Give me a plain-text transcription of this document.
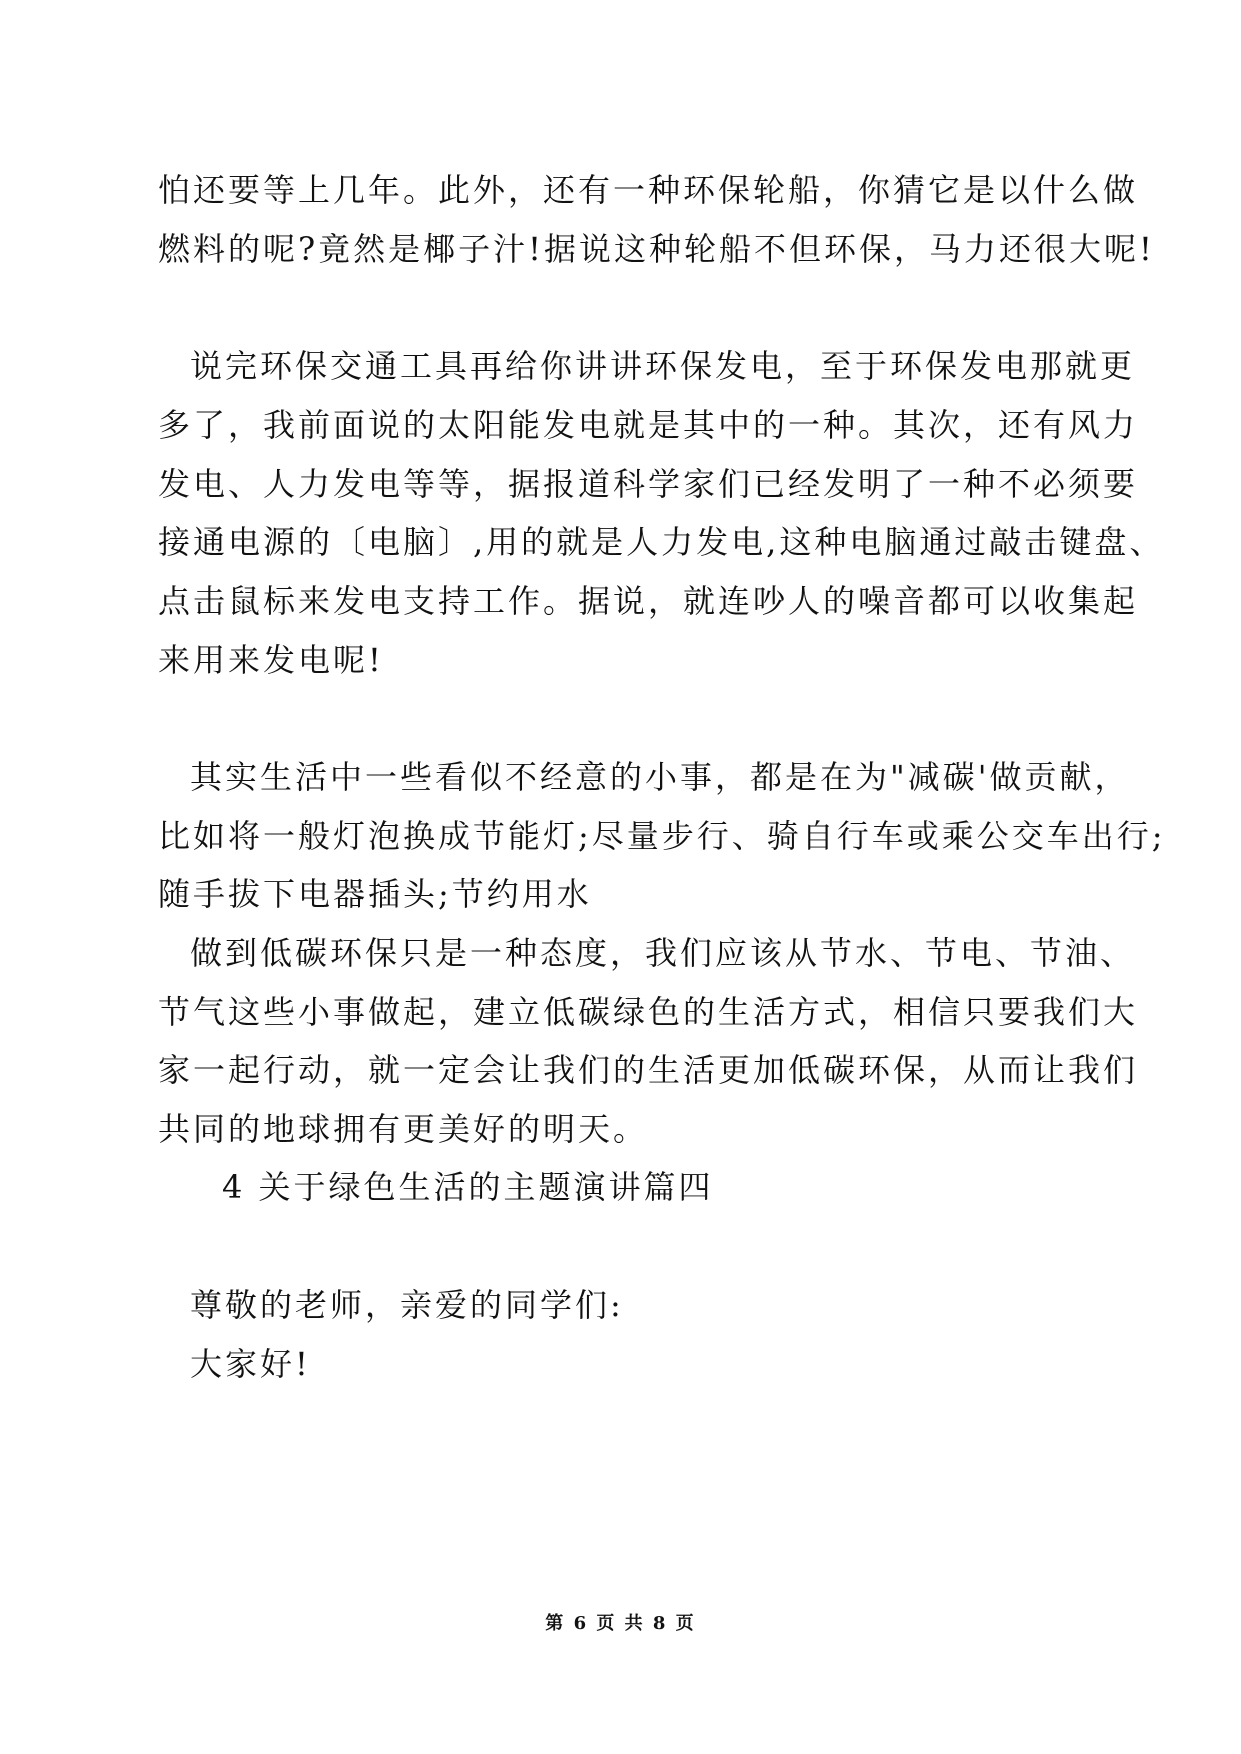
怕还要等上几年。此外，还有一种环保轮船，你猜它是以什么做
燃料的呢?竟然是椰子汁!据说这种轮船不但环保，马力还很大呢!
说完环保交通工具再给你讲讲环保发电，至于环保发电那就更
多了，我前面说的太阳能发电就是其中的一种。其次，还有风力
发电、人力发电等等，据报道科学家们已经发明了一种不必须要
接通电源的〔电脑〕,用的就是人力发电,这种电脑通过敲击键盘、
点击鼠标来发电支持工作。据说，就连吵人的噪音都可以收集起
来用来发电呢!
其实生活中一些看似不经意的小事，都是在为"减碳'做贡献，
比如将一般灯泡换成节能灯;尽量步行、骑自行车或乘公交车出行;
随手拔下电器插头;节约用水
做到低碳环保只是一种态度，我们应该从节水、节电、节油、
节气这些小事做起，建立低碳绿色的生活方式，相信只要我们大
家一起行动，就一定会让我们的生活更加低碳环保，从而让我们
共同的地球拥有更美好的明天。
4 关于绿色生活的主题演讲篇四
尊敬的老师，亲爱的同学们:
大家好!
第 6 页 共 8 页
